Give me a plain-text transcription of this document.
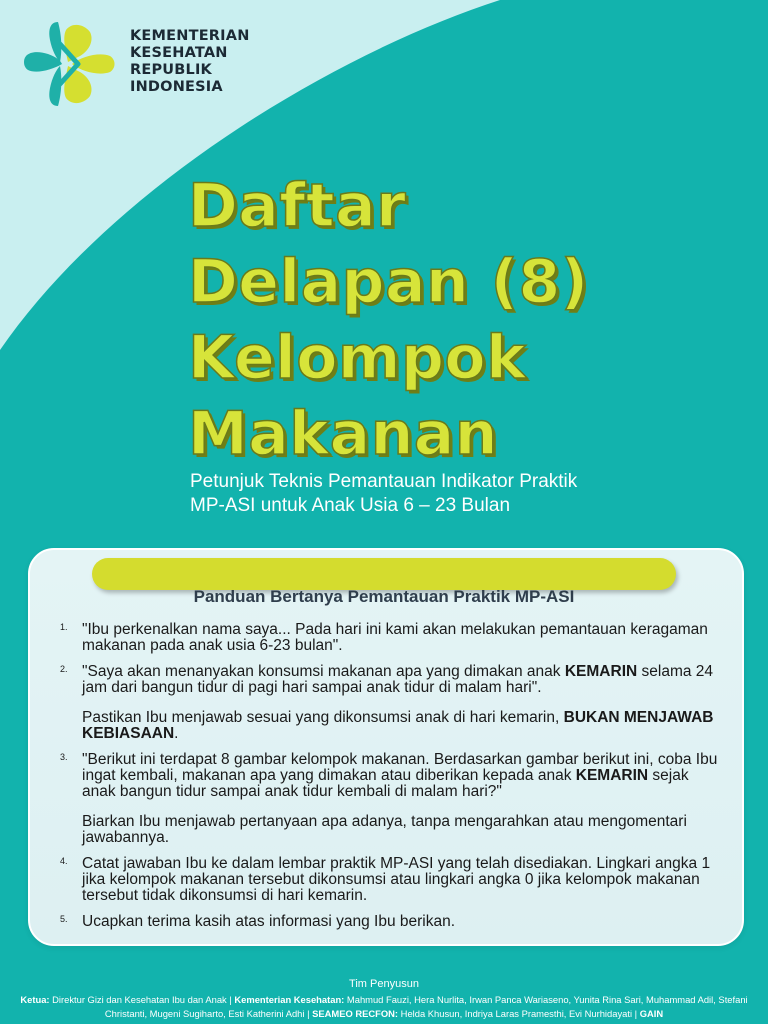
KEMENTERIAN
KESEHATAN
REPUBLIK
INDONESIA
Daftar
Delapan (8)
Kelompok
Makanan
Petunjuk Teknis Pemantauan Indikator Praktik MP-ASI untuk Anak Usia 6 – 23 Bulan
Panduan Bertanya Pemantauan Praktik MP-ASI
1. "Ibu perkenalkan nama saya... Pada hari ini kami akan melakukan pemantauan keragaman makanan pada anak usia 6-23 bulan".

2. "Saya akan menanyakan konsumsi makanan apa yang dimakan anak KEMARIN selama 24 jam dari bangun tidur di pagi hari sampai anak tidur di malam hari".

Pastikan Ibu menjawab sesuai yang dikonsumsi anak di hari kemarin, BUKAN MENJAWAB KEBIASAAN.

3. "Berikut ini terdapat 8 gambar kelompok makanan. Berdasarkan gambar berikut ini, coba Ibu ingat kembali, makanan apa yang dimakan atau diberikan kepada anak KEMARIN sejak anak bangun tidur sampai anak tidur kembali di malam hari?"

Biarkan Ibu menjawab pertanyaan apa adanya, tanpa mengarahkan atau mengomentari jawabannya.

4. Catat jawaban Ibu ke dalam lembar praktik MP-ASI yang telah disediakan. Lingkari angka 1 jika kelompok makanan tersebut dikonsumsi atau lingkari angka 0 jika kelompok makanan tersebut tidak dikonsumsi di hari kemarin.

5. Ucapkan terima kasih atas informasi yang Ibu berikan.

Tim Penyusun
Ketua: Direktur Gizi dan Kesehatan Ibu dan Anak | Kementerian Kesehatan: Mahmud Fauzi, Hera Nurlita, Irwan Panca Wariaseno, Yunita Rina Sari, Muhammad Adil, Stefani Christanti, Mugeni Sugiharto, Esti Katherini Adhi | SEAMEO RECFON: Helda Khusun, Indriya Laras Pramesthi, Evi Nurhidayati | GAIN
